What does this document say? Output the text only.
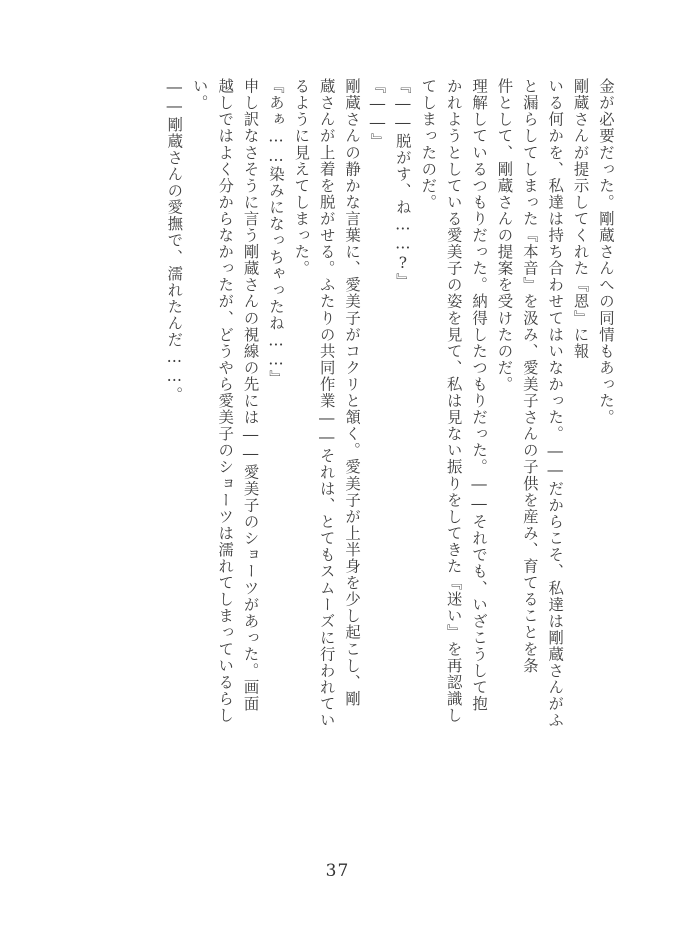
金が必要だった。剛蔵さんへの同情もあった。
剛蔵さんが提示してくれた『恩』に報
いる何かを、私達は持ち合わせてはいなかった。――だからこそ、私達は剛蔵さんがふ
と漏らしてしまった『本音』を汲み、愛美子さんの子供を産み、育てることを条
件として、剛蔵さんの提案を受けたのだ。
理解しているつもりだった。納得したつもりだった。――それでも、いざこうして抱
かれようとしている愛美子の姿を見て、私は見ない振りをしてきた『迷い』を再認識し
てしまったのだ。
『――脱がす、ね……?』
『――』
剛蔵さんの静かな言葉に、愛美子がコクリと頷く。愛美子が上半身を少し起こし、剛
蔵さんが上着を脱がせる。ふたりの共同作業――それは、とてもスムーズに行われてい
るように見えてしまった。
『あぁ……染みになっちゃったね……』
申し訳なさそうに言う剛蔵さんの視線の先には――愛美子のショーツがあった。画面
越しではよく分からなかったが、どうやら愛美子のショーツは濡れてしまっているらし
い。
――剛蔵さんの愛撫で、濡れたんだ……。
37
